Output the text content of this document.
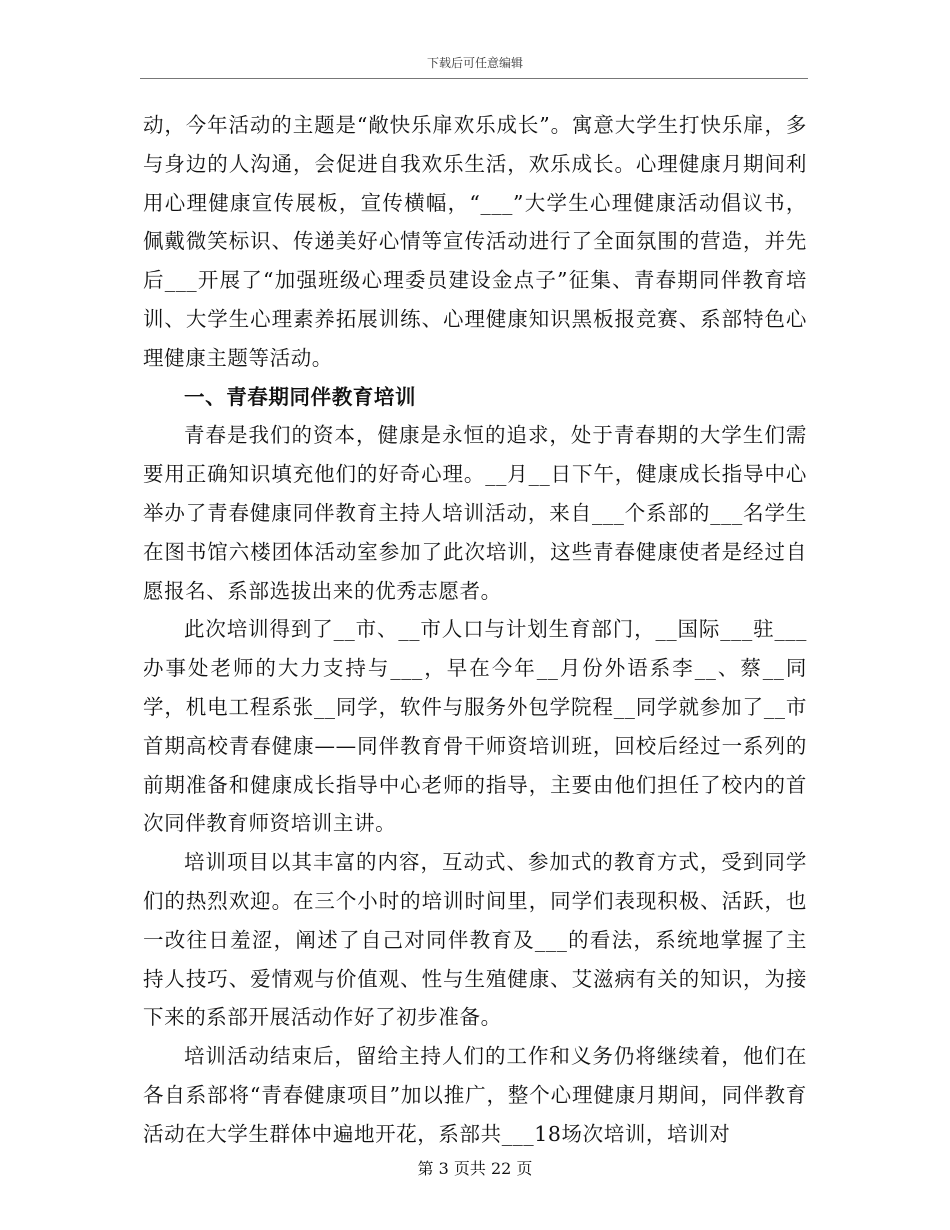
下载后可任意编辑

动，今年活动的主题是“敞快乐扉欢乐成长”。寓意大学生打快乐扉，多与身边的人沟通，会促进自我欢乐生活，欢乐成长。心理健康月期间利用心理健康宣传展板，宣传横幅，“___”大学生心理健康活动倡议书，佩戴微笑标识、传递美好心情等宣传活动进行了全面氛围的营造，并先后___开展了“加强班级心理委员建设金点子”征集、青春期同伴教育培训、大学生心理素养拓展训练、心理健康知识黑板报竞赛、系部特色心理健康主题等活动。

一、青春期同伴教育培训

青春是我们的资本，健康是永恒的追求，处于青春期的大学生们需要用正确知识填充他们的好奇心理。__月__日下午，健康成长指导中心举办了青春健康同伴教育主持人培训活动，来自___个系部的___名学生在图书馆六楼团体活动室参加了此次培训，这些青春健康使者是经过自愿报名、系部选拔出来的优秀志愿者。

此次培训得到了__市、__市人口与计划生育部门，__国际___驻___办事处老师的大力支持与___，早在今年__月份外语系李__、蔡__同学，机电工程系张__同学，软件与服务外包学院程__同学就参加了__市首期高校青春健康——同伴教育骨干师资培训班，回校后经过一系列的前期准备和健康成长指导中心老师的指导，主要由他们担任了校内的首次同伴教育师资培训主讲。

培训项目以其丰富的内容，互动式、参加式的教育方式，受到同学们的热烈欢迎。在三个小时的培训时间里，同学们表现积极、活跃，也一改往日羞涩，阐述了自己对同伴教育及___的看法，系统地掌握了主持人技巧、爱情观与价值观、性与生殖健康、艾滋病有关的知识，为接下来的系部开展活动作好了初步准备。

培训活动结束后，留给主持人们的工作和义务仍将继续着，他们在各自系部将“青春健康项目”加以推广，整个心理健康月期间，同伴教育活动在大学生群体中遍地开花，系部共___18场次培训，培训对

第 3 页共 22 页
